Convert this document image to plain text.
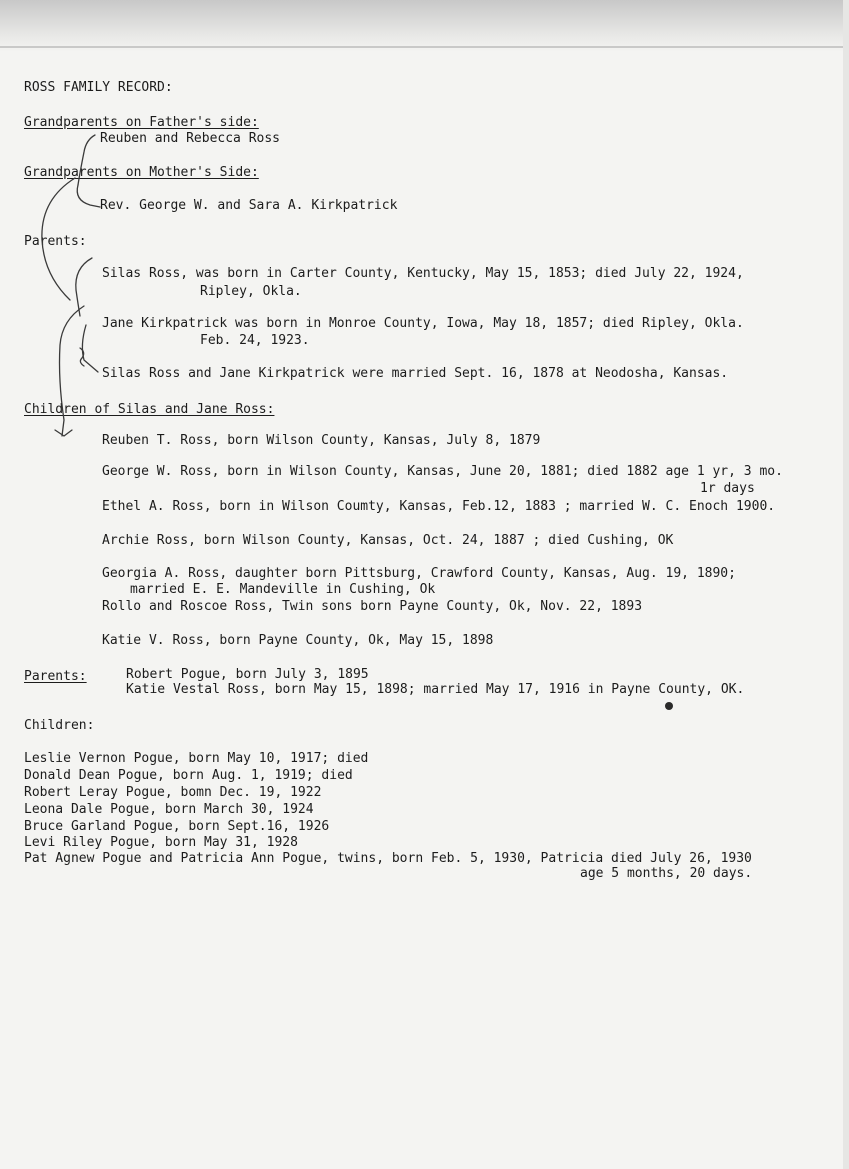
ROSS FAMILY RECORD:
Grandparents on Father's side:
Reuben and Rebecca Ross
Grandparents on Mother's Side:
Rev. George W. and Sara A. Kirkpatrick
Parents:
Silas Ross, was born in Carter County, Kentucky, May 15, 1853; died July 22, 1924,
Ripley, Okla.
Jane Kirkpatrick was born in Monroe County, Iowa, May 18, 1857; died Ripley, Okla.
Feb. 24, 1923.
Silas Ross and Jane Kirkpatrick were married Sept. 16, 1878 at Neodosha, Kansas.
Children of Silas and Jane Ross:
Reuben T. Ross, born Wilson County, Kansas, July 8, 1879
George W. Ross, born in Wilson County, Kansas, June 20, 1881; died 1882 age 1 yr, 3 mo.
1r days
Ethel A. Ross, born in Wilson Coumty, Kansas, Feb.12, 1883 ; married W. C. Enoch 1900.
Archie Ross, born Wilson County, Kansas, Oct. 24, 1887 ; died Cushing, OK
Georgia A. Ross, daughter born Pittsburg, Crawford County, Kansas, Aug. 19, 1890;
married E. E. Mandeville in Cushing, Ok
Rollo and Roscoe Ross, Twin sons born Payne County, Ok, Nov. 22, 1893
Katie V. Ross, born Payne County, Ok, May 15, 1898
Parents:	Robert Pogue, born July 3, 1895
Katie Vestal Ross, born May 15, 1898; married May 17, 1916 in Payne County, OK.
Children:
Leslie Vernon Pogue, born May 10, 1917; died
Donald Dean Pogue, born Aug. 1, 1919; died
Robert Leray Pogue, bomn Dec. 19, 1922
Leona Dale Pogue, born March 30, 1924
Bruce Garland Pogue, born Sept.16, 1926
Levi Riley Pogue, born May 31, 1928
Pat Agnew Pogue and Patricia Ann Pogue, twins, born Feb. 5, 1930, Patricia died July 26, 1930
age 5 months, 20 days.
